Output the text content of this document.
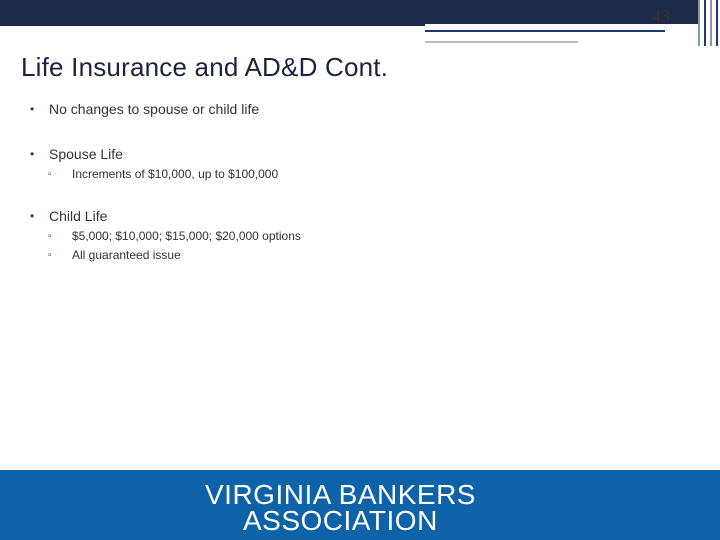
43
Life Insurance and AD&D Cont.
• No changes to spouse or child life
• Spouse Life
▫ Increments of $10,000, up to $100,000
• Child Life
▫ $5,000; $10,000; $15,000; $20,000 options
▫ All guaranteed issue
VIRGINIA BANKERS
ASSOCIATION
